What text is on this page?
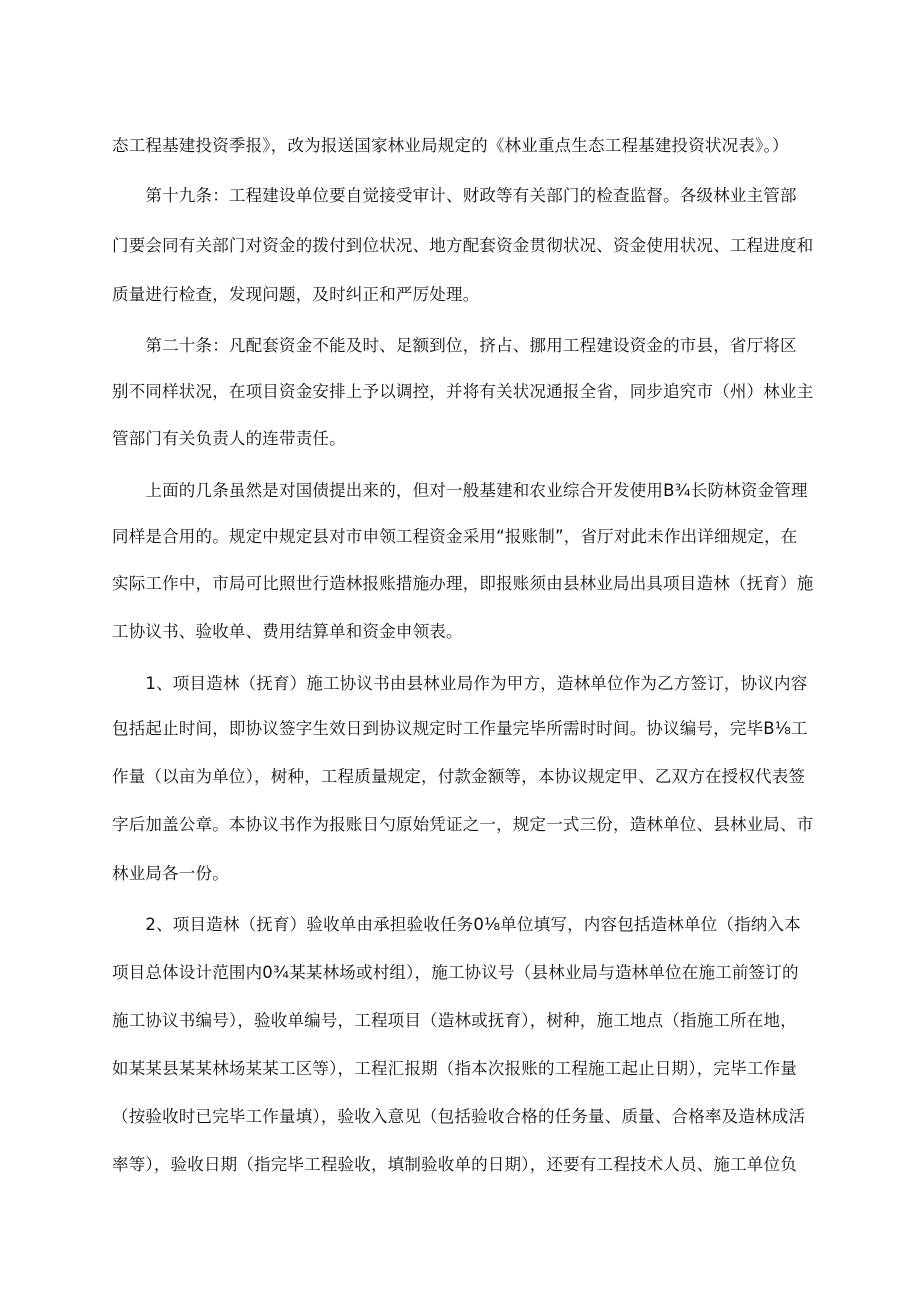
态工程基建投资季报》，改为报送国家林业局规定的《林业重点生态工程基建投资状况表》。）
　　第十九条：工程建设单位要自觉接受审计、财政等有关部门的检查监督。各级林业主管部
门要会同有关部门对资金的拨付到位状况、地方配套资金贯彻状况、资金使用状况、工程进度和
质量进行检查，发现问题，及时纠正和严厉处理。
　　第二十条：凡配套资金不能及时、足额到位，挤占、挪用工程建设资金的市县，省厅将区
别不同样状况，在项目资金安排上予以调控，并将有关状况通报全省，同步追究市（州）林业主
管部门有关负责人的连带责任。
　　上面的几条虽然是对国债提出来的，但对一般基建和农业综合开发使用B¾长防林资金管理
同样是合用的。规定中规定县对市申领工程资金采用“报账制”，省厅对此未作出详细规定，在
实际工作中，市局可比照世行造林报账措施办理，即报账须由县林业局出具项目造林（抚育）施
工协议书、验收单、费用结算单和资金申领表。
　　1、项目造林（抚育）施工协议书由县林业局作为甲方，造林单位作为乙方签订，协议内容
包括起止时间，即协议签字生效日到协议规定时工作量完毕所需时时间。协议编号，完毕B⅛工
作量（以亩为单位），树种，工程质量规定，付款金额等，本协议规定甲、乙双方在授权代表签
字后加盖公章。本协议书作为报账日勺原始凭证之一，规定一式三份，造林单位、县林业局、市
林业局各一份。
　　2、项目造林（抚育）验收单由承担验收任务0⅛单位填写，内容包括造林单位（指纳入本
项目总体设计范围内0¾某某林场或村组），施工协议号（县林业局与造林单位在施工前签订的
施工协议书编号），验收单编号，工程项目（造林或抚育），树种，施工地点（指施工所在地，
如某某县某某林场某某工区等），工程汇报期（指本次报账的工程施工起止日期），完毕工作量
（按验收时已完毕工作量填），验收入意见（包括验收合格的任务量、质量、合格率及造林成活
率等），验收日期（指完毕工程验收，填制验收单的日期），还要有工程技术人员、施工单位负
